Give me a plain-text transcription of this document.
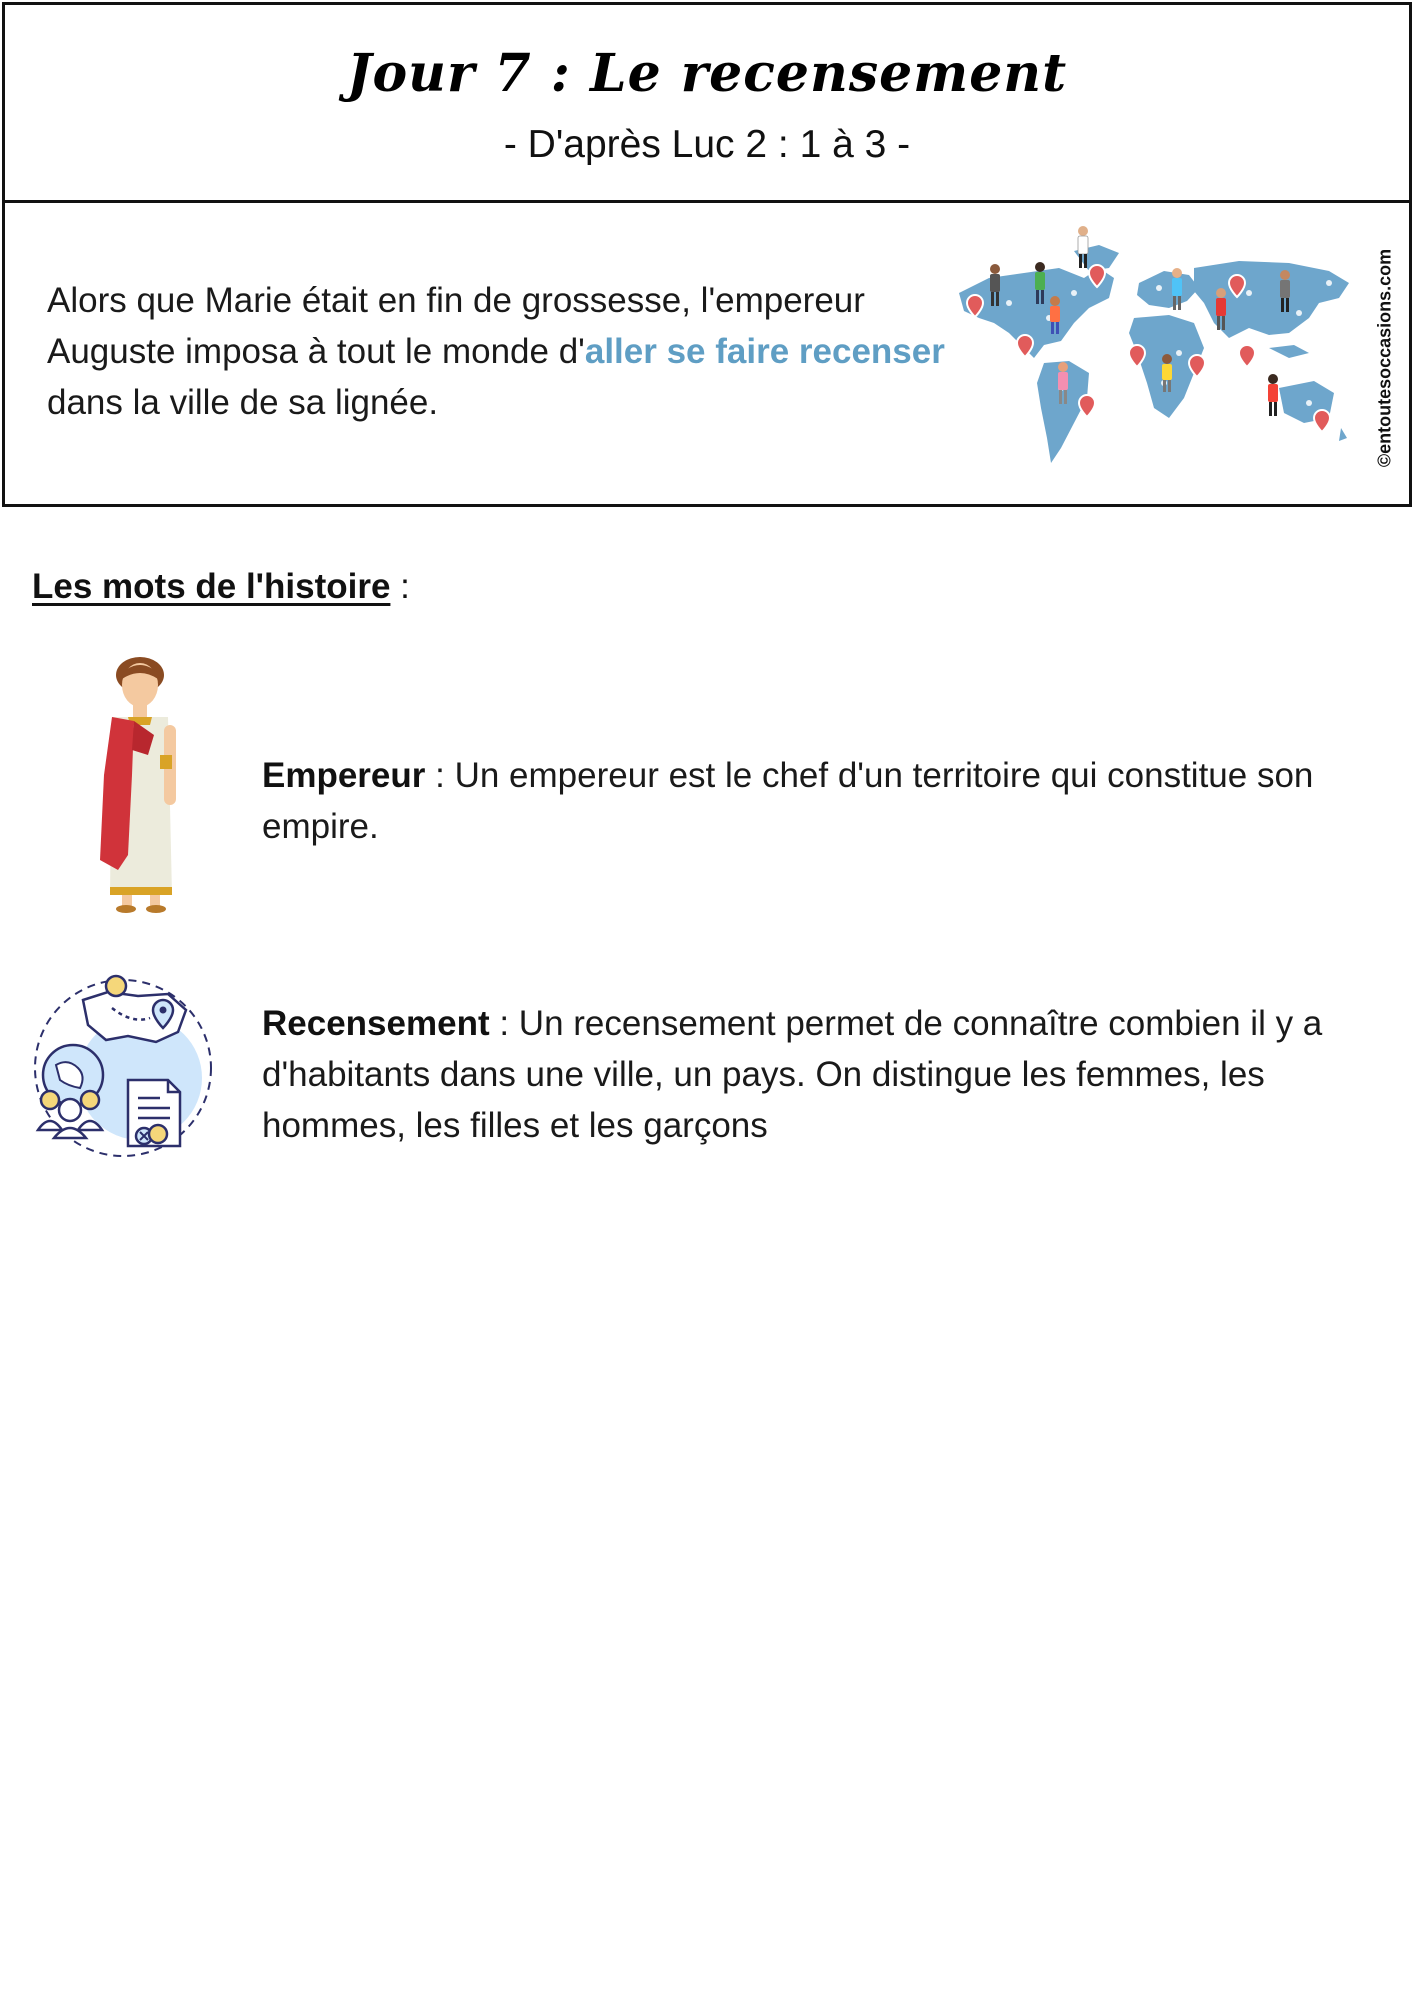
Jour 7 : Le recensement
- D'après Luc 2 : 1 à 3 -

Alors que Marie était en fin de grossesse, l'empereur Auguste imposa à tout le monde d'aller se faire recenser dans la ville de sa lignée.	©entoutesoccasions.com
Les mots de l'histoire :

Empereur : Un empereur est le chef d'un territoire qui constitue son empire.

Recensement : Un recensement permet de connaître combien il y a d'habitants dans une ville, un pays. On distingue les femmes, les hommes, les filles et les garçons
